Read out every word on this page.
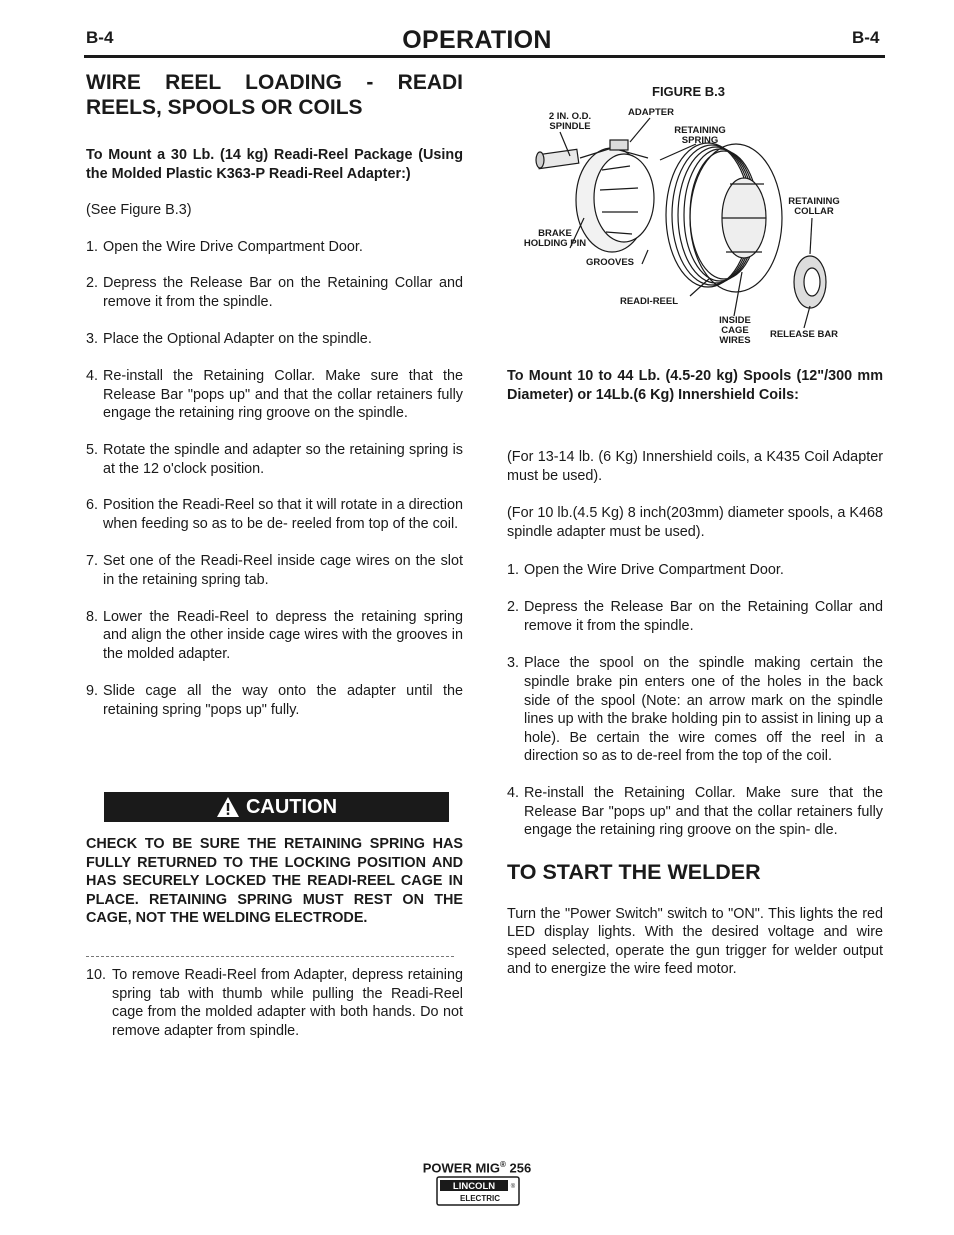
B-4	OPERATION	B-4
WIRE REEL LOADING - READI REELS, SPOOLS OR COILS

To Mount a 30 Lb. (14 kg) Readi-Reel Package (Using the Molded Plastic K363-P Readi-Reel Adapter:)

(See Figure B.3)

1. Open the Wire Drive Compartment Door.
2. Depress the Release Bar on the Retaining Collar and remove it from the spindle.
3. Place the Optional Adapter on the spindle.
4. Re-install the Retaining Collar. Make sure that the Release Bar "pops up" and that the collar retainers fully engage the retaining ring groove on the spindle.
5. Rotate the spindle and adapter so the retaining spring is at the 12 o'clock position.
6. Position the Readi-Reel so that it will rotate in a direction when feeding so as to be de- reeled from top of the coil.
7. Set one of the Readi-Reel inside cage wires on the slot in the retaining spring tab.
8. Lower the Readi-Reel to depress the retaining spring and align the other inside cage wires with the grooves in the molded adapter.
9. Slide cage all the way onto the adapter until the retaining spring "pops up" fully.
CAUTION

CHECK TO BE SURE THE RETAINING SPRING HAS FULLY RETURNED TO THE LOCKING POSITION AND HAS SECURELY LOCKED THE READI-REEL CAGE IN PLACE. RETAINING SPRING MUST REST ON THE CAGE, NOT THE WELDING ELECTRODE.

10. To remove Readi-Reel from Adapter, depress retaining spring tab with thumb while pulling the Readi-Reel cage from the molded adapter with both hands. Do not remove adapter from spindle.
FIGURE B.3
2 IN. O.D. SPINDLE
ADAPTER
RETAINING SPRING
RETAINING COLLAR
BRAKE HOLDING PIN
GROOVES
READI-REEL
INSIDE CAGE WIRES
RELEASE BAR

To Mount 10 to 44 Lb. (4.5-20 kg) Spools (12"/300 mm Diameter) or 14Lb.(6 Kg) Innershield Coils:

(For 13-14 lb. (6 Kg) Innershield coils, a K435 Coil Adapter must be used).

(For 10 lb.(4.5 Kg) 8 inch(203mm) diameter spools, a K468 spindle adapter must be used).

1. Open the Wire Drive Compartment Door.
2. Depress the Release Bar on the Retaining Collar and remove it from the spindle.
3. Place the spool on the spindle making certain the spindle brake pin enters one of the holes in the back side of the spool (Note: an arrow mark on the spindle lines up with the brake holding pin to assist in lining up a hole). Be certain the wire comes off the reel in a direction so as to de-reel from the top of the coil.
4. Re-install the Retaining Collar. Make sure that the Release Bar "pops up" and that the collar retainers fully engage the retaining ring groove on the spin- dle.
TO START THE WELDER

Turn the "Power Switch" switch to "ON". This lights the red LED display lights. With the desired voltage and wire speed selected, operate the gun trigger for welder output and to energize the wire feed motor.

POWER MIG® 256
LINCOLN	®
ELECTRIC
